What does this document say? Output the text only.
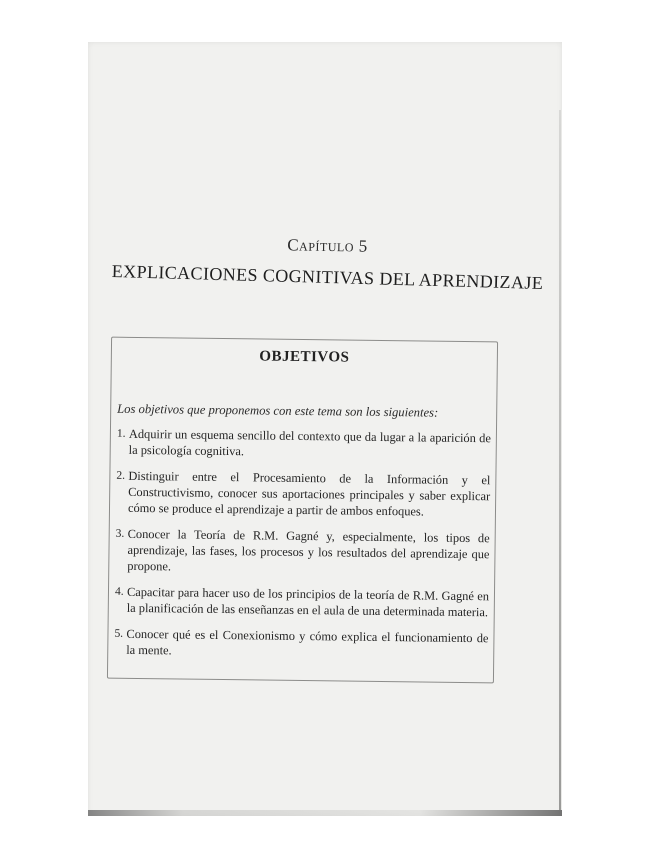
Capítulo 5
EXPLICACIONES COGNITIVAS DEL APRENDIZAJE
OBJETIVOS
Los objetivos que proponemos con este tema son los siguientes:
1. Adquirir un esquema sencillo del contexto que da lugar a la aparición de la psicología cognitiva.
2. Distinguir entre el Procesamiento de la Información y el Constructivismo, conocer sus aportaciones principales y saber explicar cómo se produce el aprendizaje a partir de ambos enfoques.
3. Conocer la Teoría de R.M. Gagné y, especialmente, los tipos de aprendizaje, las fases, los procesos y los resultados del aprendizaje que propone.
4. Capacitar para hacer uso de los principios de la teoría de R.M. Gagné en la planificación de las enseñanzas en el aula de una determinada materia.
5. Conocer qué es el Conexionismo y cómo explica el funcionamiento de la mente.
